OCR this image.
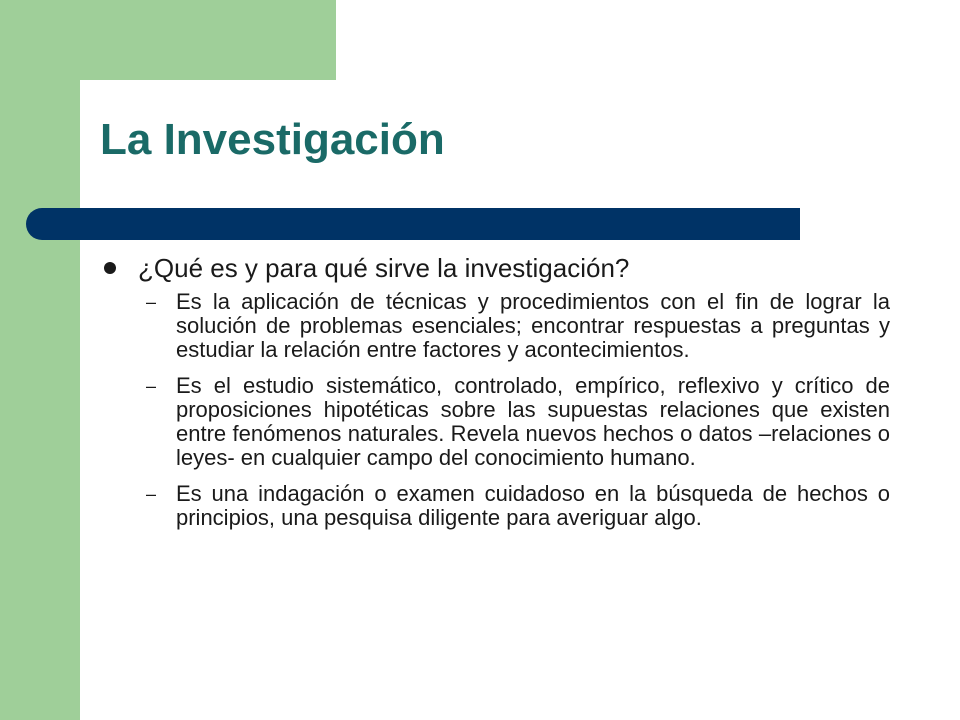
La Investigación
¿Qué es y para qué sirve la investigación?
– Es la aplicación de técnicas y procedimientos con el fin de lograr la solución de problemas esenciales; encontrar respuestas a preguntas y estudiar la relación entre factores y acontecimientos.
– Es el estudio sistemático, controlado, empírico, reflexivo y crítico de proposiciones hipotéticas sobre las supuestas relaciones que existen entre fenómenos naturales. Revela nuevos hechos o datos –relaciones o leyes- en cualquier campo del conocimiento humano.
– Es una indagación o examen cuidadoso en la búsqueda de hechos o principios, una pesquisa diligente para averiguar algo.
